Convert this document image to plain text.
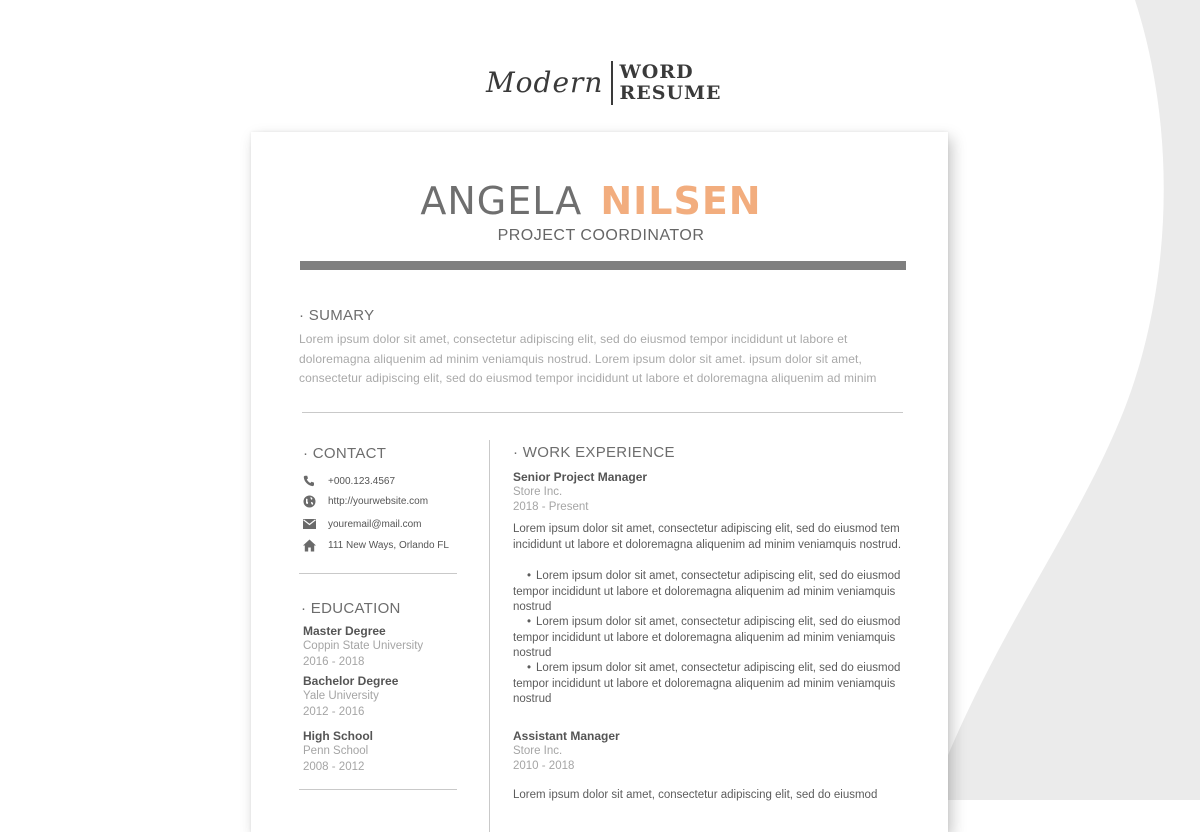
Modern WORD
RESUME
ANGELA NILSEN
PROJECT COORDINATOR
· SUMARY
Lorem ipsum dolor sit amet, consectetur adipiscing elit, sed do eiusmod tempor incididunt ut labore et
doloremagna aliquenim ad minim veniamquis nostrud. Lorem ipsum dolor sit amet. ipsum dolor sit amet,
consectetur adipiscing elit, sed do eiusmod tempor incididunt ut labore et doloremagna aliquenim ad minim
· CONTACT
+000.123.4567
http://yourwebsite.com
youremail@mail.com
111 New Ways, Orlando FL
· EDUCATION
Master Degree
Coppin State University
2016 - 2018
Bachelor Degree
Yale University
2012 - 2016
High School
Penn School
2008 - 2012
· WORK EXPERIENCE
Senior Project Manager
Store Inc.
2018 - Present
Lorem ipsum dolor sit amet, consectetur adipiscing elit, sed do eiusmod tem incididunt ut labore et doloremagna aliquenim ad minim veniamquis nostrud.
• Lorem ipsum dolor sit amet, consectetur adipiscing elit, sed do eiusmod tempor incididunt ut labore et doloremagna aliquenim ad minim veniamquis nostrud
• Lorem ipsum dolor sit amet, consectetur adipiscing elit, sed do eiusmod tempor incididunt ut labore et doloremagna aliquenim ad minim veniamquis nostrud
• Lorem ipsum dolor sit amet, consectetur adipiscing elit, sed do eiusmod tempor incididunt ut labore et doloremagna aliquenim ad minim veniamquis nostrud
Assistant Manager
Store Inc.
2010 - 2018
Lorem ipsum dolor sit amet, consectetur adipiscing elit, sed do eiusmod
